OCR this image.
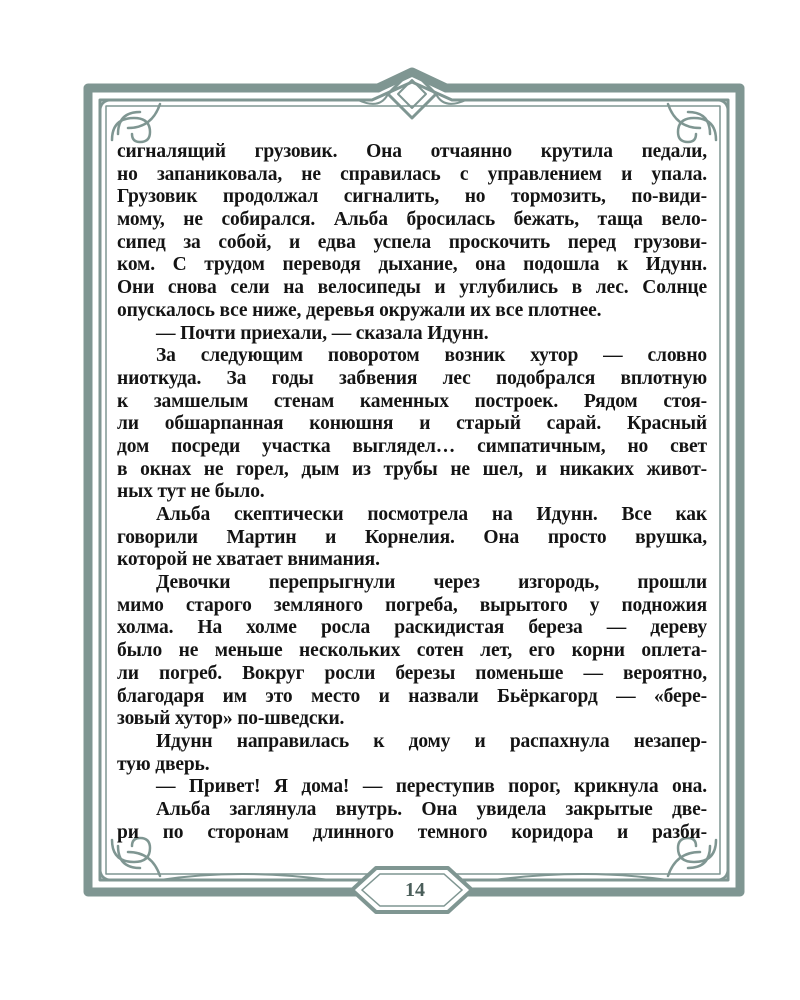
сигналящий грузовик. Она отчаянно крутила педали,
но запаниковала, не справилась с управлением и упала.
Грузовик продолжал сигналить, но тормозить, по-види-
мому, не собирался. Альба бросилась бежать, таща вело-
сипед за собой, и едва успела проскочить перед грузови-
ком. С трудом переводя дыхание, она подошла к Идунн.
Они снова сели на велосипеды и углубились в лес. Солнце
опускалось все ниже, деревья окружали их все плотнее.
— Почти приехали, — сказала Идунн.
За следующим поворотом возник хутор — словно
ниоткуда. За годы забвения лес подобрался вплотную
к замшелым стенам каменных построек. Рядом стоя-
ли обшарпанная конюшня и старый сарай. Красный
дом посреди участка выглядел… симпатичным, но свет
в окнах не горел, дым из трубы не шел, и никаких живот-
ных тут не было.
Альба скептически посмотрела на Идунн. Все как
говорили Мартин и Корнелия. Она просто врушка,
которой не хватает внимания.
Девочки перепрыгнули через изгородь, прошли
мимо старого земляного погреба, вырытого у подножия
холма. На холме росла раскидистая береза — дереву
было не меньше нескольких сотен лет, его корни оплета-
ли погреб. Вокруг росли березы поменьше — вероятно,
благодаря им это место и назвали Бьёркагорд — «бере-
зовый хутор» по-шведски.
Идунн направилась к дому и распахнула незапер-
тую дверь.
— Привет! Я дома! — переступив порог, крикнула она.
Альба заглянула внутрь. Она увидела закрытые две-
ри по сторонам длинного темного коридора и разби-
14
